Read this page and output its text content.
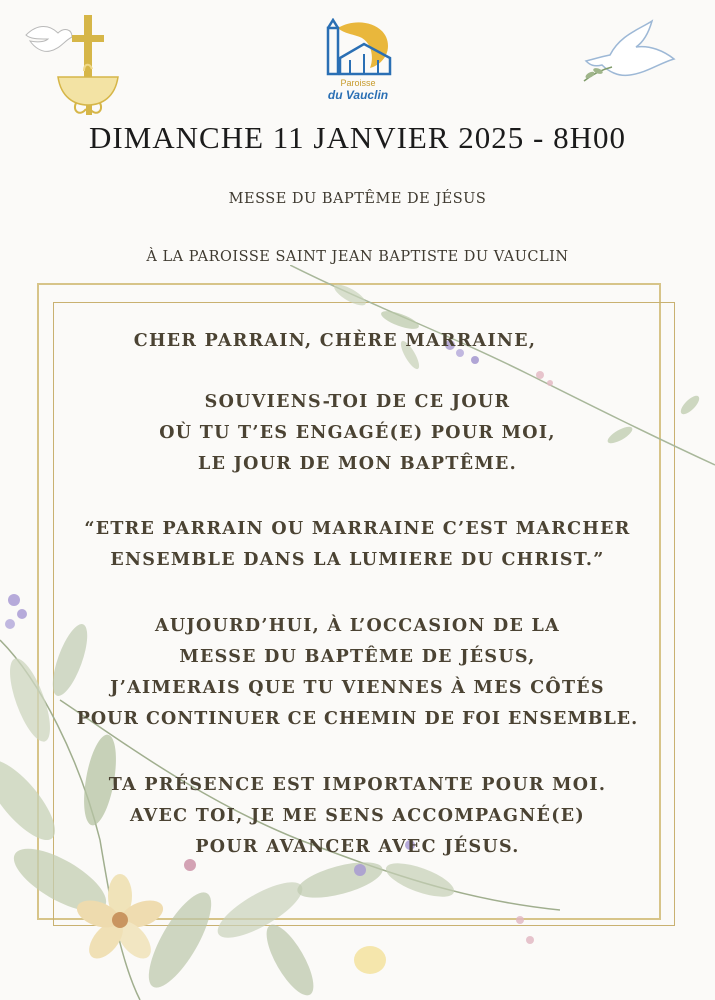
Paroisse
du Vauclin
DIMANCHE 11 JANVIER 2025 - 8H00
MESSE DU BAPTÊME DE JÉSUS
À LA PAROISSE SAINT JEAN BAPTISTE DU VAUCLIN
CHER PARRAIN, CHÈRE MARRAINE,
SOUVIENS-TOI DE CE JOUR
OÙ TU T’ES ENGAGÉ(E) POUR MOI,
LE JOUR DE MON BAPTÊME.
“ETRE PARRAIN OU MARRAINE C’EST MARCHER
ENSEMBLE DANS LA LUMIERE DU CHRIST.”
AUJOURD’HUI, À L’OCCASION DE LA
MESSE DU BAPTÊME DE JÉSUS,
J’AIMERAIS QUE TU VIENNES À MES CÔTÉS
POUR CONTINUER CE CHEMIN DE FOI ENSEMBLE.
TA PRÉSENCE EST IMPORTANTE POUR MOI.
AVEC TOI, JE ME SENS ACCOMPAGNÉ(E)
POUR AVANCER AVEC JÉSUS.
